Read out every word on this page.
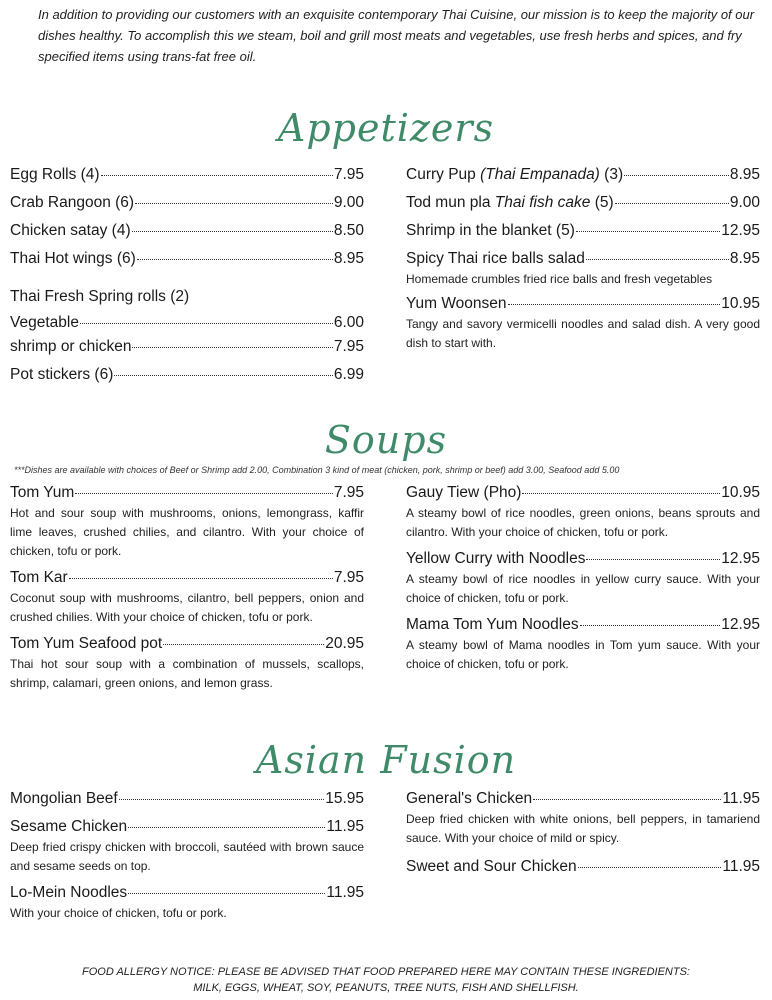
In addition to providing our customers with an exquisite contemporary Thai Cuisine, our mission is to keep the majority of our dishes healthy. To accomplish this we steam, boil and grill most meats and vegetables, use fresh herbs and spices, and fry specified items using trans-fat free oil.
Appetizers
Egg Rolls (4)	7.95
Crab Rangoon (6)	9.00
Chicken satay (4)	8.50
Thai Hot wings (6)	8.95
Thai Fresh Spring rolls (2)
Vegetable	6.00
shrimp or chicken	7.95
Pot stickers (6)	6.99
Curry Pup (Thai Empanada) (3)	8.95
Tod mun pla Thai fish cake (5)	9.00
Shrimp in the blanket (5)	12.95
Spicy Thai rice balls salad	8.95
Homemade crumbles fried rice balls and fresh vegetables
Yum Woonsen	10.95
Tangy and savory vermicelli noodles and salad dish. A very good dish to start with.
Soups
***Dishes are available with choices of Beef or Shrimp add 2.00, Combination 3 kind of meat (chicken, pork, shrimp or beef) add 3.00, Seafood add 5.00
Tom Yum	7.95
Hot and sour soup with mushrooms, onions, lemongrass, kaffir lime leaves, crushed chilies, and cilantro. With your choice of chicken, tofu or pork.
Tom Kar	7.95
Coconut soup with mushrooms, cilantro, bell peppers, onion and crushed chilies. With your choice of chicken, tofu or pork.
Tom Yum Seafood pot	20.95
Thai hot sour soup with a combination of mussels, scallops, shrimp, calamari, green onions, and lemon grass.
Gauy Tiew (Pho)	10.95
A steamy bowl of rice noodles, green onions, beans sprouts and cilantro. With your choice of chicken, tofu or pork.
Yellow Curry with Noodles	12.95
A steamy bowl of rice noodles in yellow curry sauce. With your choice of chicken, tofu or pork.
Mama Tom Yum Noodles	12.95
A steamy bowl of Mama noodles in Tom yum sauce. With your choice of chicken, tofu or pork.
Asian Fusion
Mongolian Beef	15.95
Sesame Chicken	11.95
Deep fried crispy chicken with broccoli, sautéed with brown sauce and sesame seeds on top.
Lo-Mein Noodles	11.95
With your choice of chicken, tofu or pork.
General's Chicken	11.95
Deep fried chicken with white onions, bell peppers, in tamariend sauce. With your choice of mild or spicy.
Sweet and Sour Chicken	11.95
FOOD ALLERGY NOTICE: PLEASE BE ADVISED THAT FOOD PREPARED HERE MAY CONTAIN THESE INGREDIENTS:
MILK, EGGS, WHEAT, SOY, PEANUTS, TREE NUTS, FISH AND SHELLFISH.
